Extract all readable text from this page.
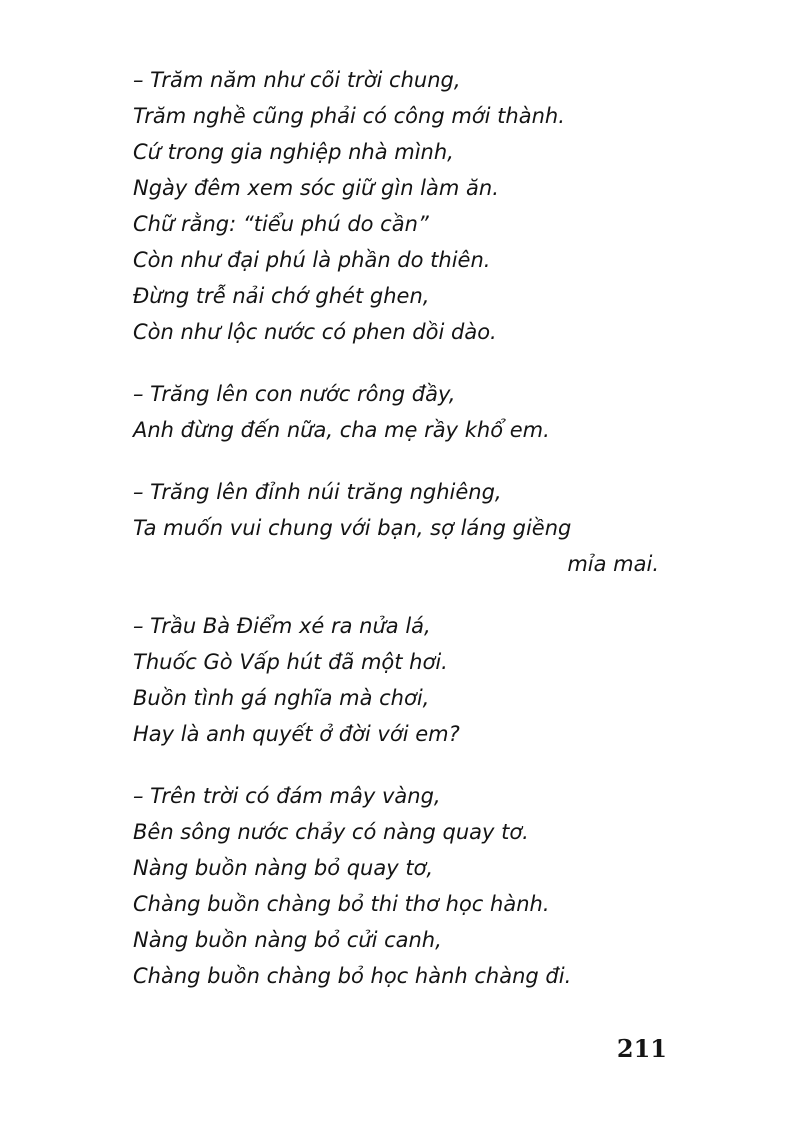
– Trăm năm như cõi trời chung,
Trăm nghề cũng phải có công mới thành.
Cứ trong gia nghiệp nhà mình,
Ngày đêm xem sóc giữ gìn làm ăn.
Chữ rằng: “tiểu phú do cần”
Còn như đại phú là phần do thiên.
Đừng trễ nải chớ ghét ghen,
Còn như lộc nước có phen dồi dào.
– Trăng lên con nước rông đầy,
Anh đừng đến nữa, cha mẹ rầy khổ em.
– Trăng lên đỉnh núi trăng nghiêng,
Ta muốn vui chung với bạn, sợ láng giềng
mỉa mai.
– Trầu Bà Điểm xé ra nửa lá,
Thuốc Gò Vấp hút đã một hơi.
Buồn tình gá nghĩa mà chơi,
Hay là anh quyết ở đời với em?
– Trên trời có đám mây vàng,
Bên sông nước chảy có nàng quay tơ.
Nàng buồn nàng bỏ quay tơ,
Chàng buồn chàng bỏ thi thơ học hành.
Nàng buồn nàng bỏ cửi canh,
Chàng buồn chàng bỏ học hành chàng đi.
211
